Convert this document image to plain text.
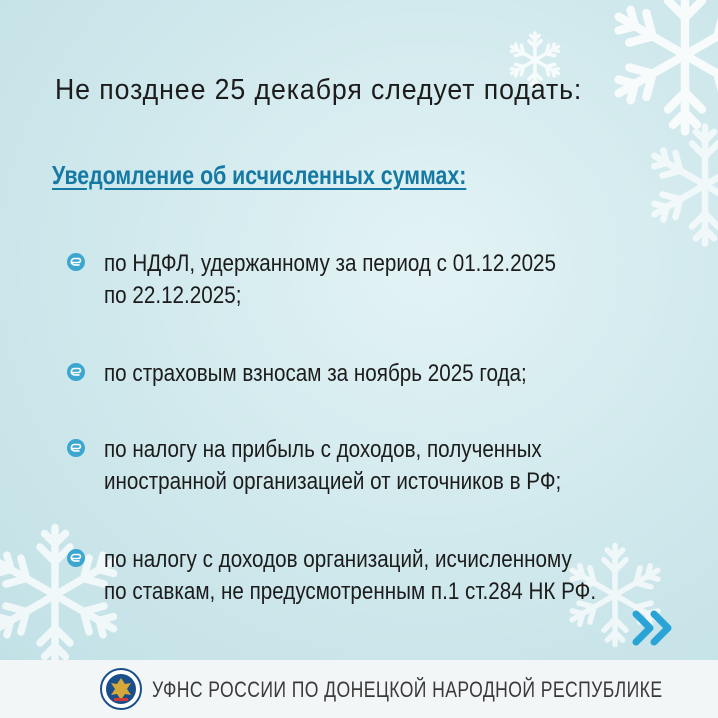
Не позднее 25 декабря следует подать:
Уведомление об исчисленных суммах:
по НДФЛ, удержанному за период с 01.12.2025
по 22.12.2025;
по страховым взносам за ноябрь 2025 года;
по налогу на прибыль с доходов, полученных
иностранной организацией от источников в РФ;
по налогу с доходов организаций, исчисленному
по ставкам, не предусмотренным п.1 ст.284 НК РФ.
УФНС РОССИИ ПО ДОНЕЦКОЙ НАРОДНОЙ РЕСПУБЛИКЕ
